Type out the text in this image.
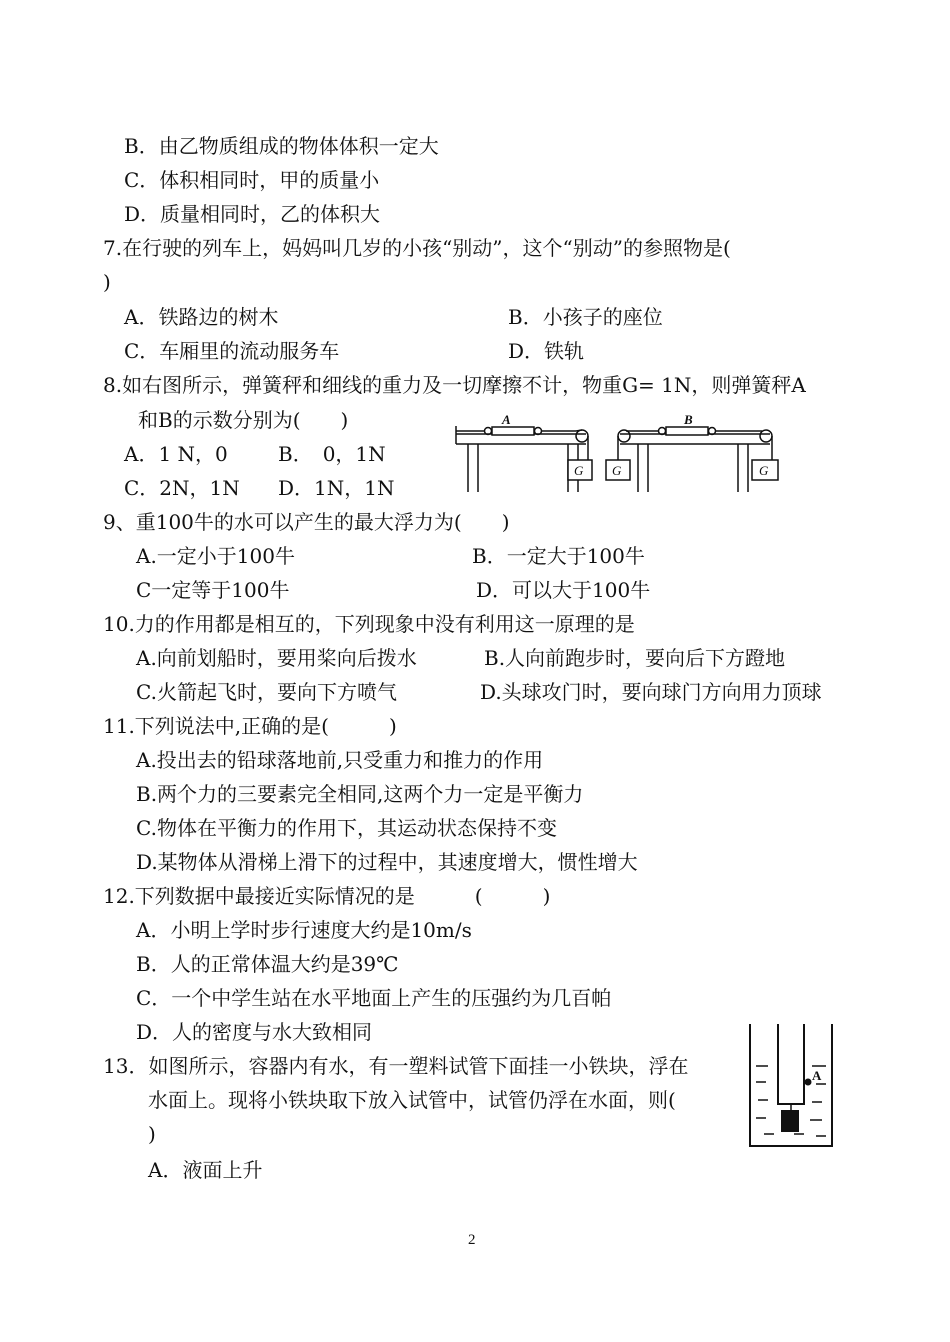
B．由乙物质组成的物体体积一定大
C．体积相同时，甲的质量小
D．质量相同时，乙的体积大
7.在行驶的列车上，妈妈叫几岁的小孩“别动”，这个“别动”的参照物是(
)
A．铁路边的树木	B．小孩子的座位
C．车厢里的流动服务车	D．铁轨
8.如右图所示，弹簧秤和细线的重力及一切摩擦不计，物重G= 1N，则弹簧秤A
和B的示数分别为(　　)
A．1 N，0	B．　0，1N
C．2N，1N D．1N，1N
A
G
B
G	G
9、重100牛的水可以产生的最大浮力为(　　)
A.一定小于100牛	B．一定大于100牛
C一定等于100牛	D．可以大于100牛
10.力的作用都是相互的，下列现象中没有利用这一原理的是
A.向前划船时，要用桨向后拨水	B.人向前跑步时，要向后下方蹬地
C.火箭起飞时，要向下方喷气	D.头球攻门时，要向球门方向用力顶球
11.下列说法中,正确的是(　　　)
A.投出去的铅球落地前,只受重力和推力的作用
B.两个力的三要素完全相同,这两个力一定是平衡力
C.物体在平衡力的作用下，其运动状态保持不变
D.某物体从滑梯上滑下的过程中，其速度增大，惯性增大
12.下列数据中最接近实际情况的是　　　(　　　)
A．小明上学时步行速度大约是10m/s
B．人的正常体温大约是39℃
C．一个中学生站在水平地面上产生的压强约为几百帕
D．人的密度与水大致相同
13．如图所示，容器内有水，有一塑料试管下面挂一小铁块，浮在
水面上。现将小铁块取下放入试管中，试管仍浮在水面，则(
)
A．液面上升
A
2
